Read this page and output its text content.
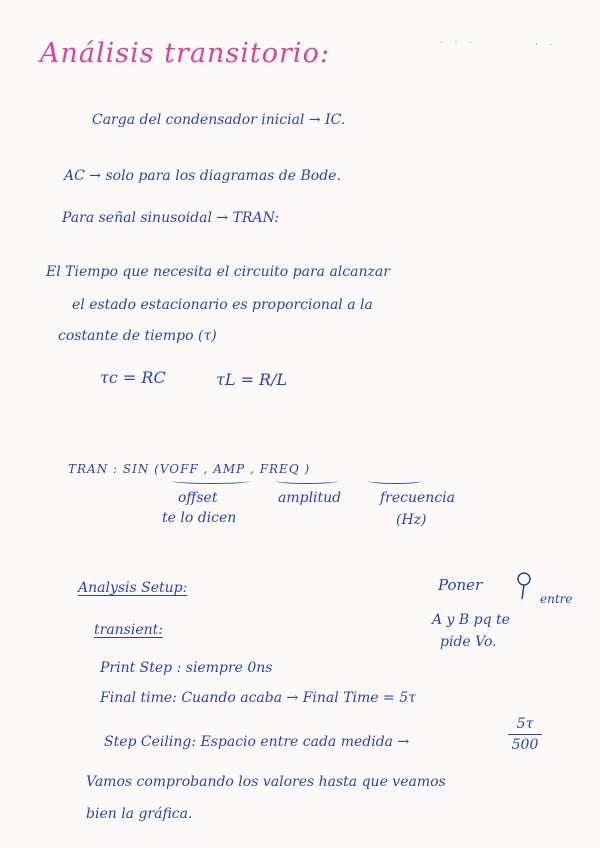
· · ·	· ·
Análisis transitorio:
Carga del condensador inicial → IC.
AC → solo para los diagramas de Bode.
Para señal sinusoidal → TRAN:
El Tiempo que necesita el circuito para alcanzar
el estado estacionario es proporcional a la
costante de tiempo (τ)
τc = RC	τL = R/L
TRAN : SIN (VOFF , AMP , FREQ )
offset
te lo dicen
amplitud	frecuencia
(Hz)
Analysis Setup:	Poner
entre
A y B pq te
pide Vo.
transient:
Print Step : siempre 0ns
Final time: Cuando acaba → Final Time = 5τ
Step Ceiling: Espacio entre cada medida →
5τ
500
Vamos comprobando los valores hasta que veamos
bien la gráfica.
